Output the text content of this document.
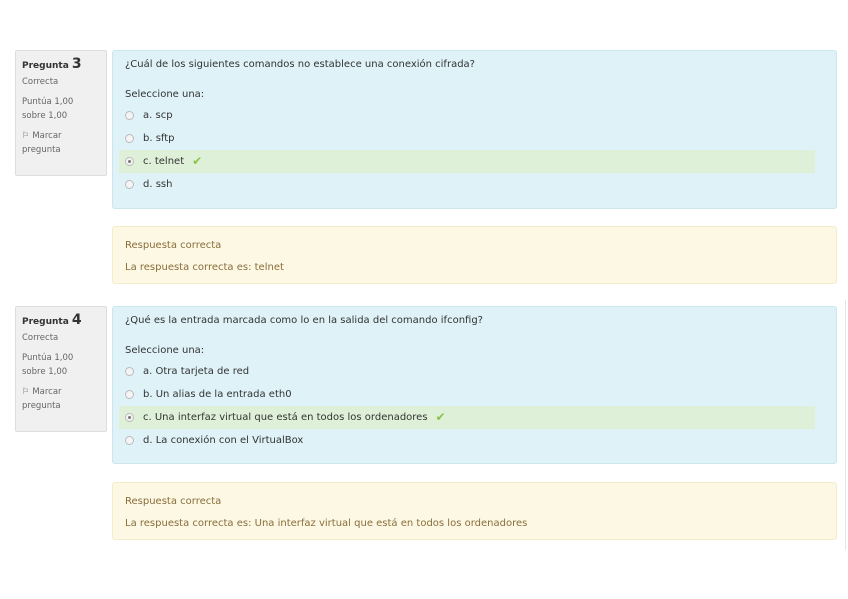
Pregunta 3
Correcta
Puntúa 1,00
sobre 1,00
⚐ Marcar
pregunta
¿Cuál de los siguientes comandos no establece una conexión cifrada?
Seleccione una:
a. scp
b. sftp
c. telnet ✔
d. ssh
Respuesta correcta
La respuesta correcta es: telnet
Pregunta 4
Correcta
Puntúa 1,00
sobre 1,00
⚐ Marcar
pregunta
¿Qué es la entrada marcada como lo en la salida del comando ifconfig?
Seleccione una:
a. Otra tarjeta de red
b. Un alias de la entrada eth0
c. Una interfaz virtual que está en todos los ordenadores ✔
d. La conexión con el VirtualBox
Respuesta correcta
La respuesta correcta es: Una interfaz virtual que está en todos los ordenadores
